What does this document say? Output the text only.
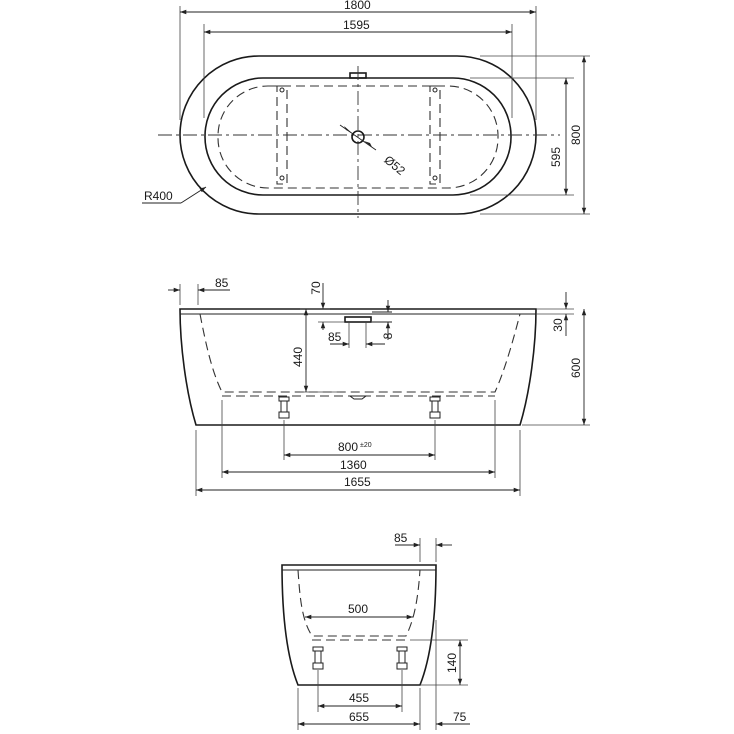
Ø52
1800
1595
800
595
R400
85	70
85	8
440
30
600
800 $^{\pm 20}$
1360
1655
85
500
140
455
655	75
